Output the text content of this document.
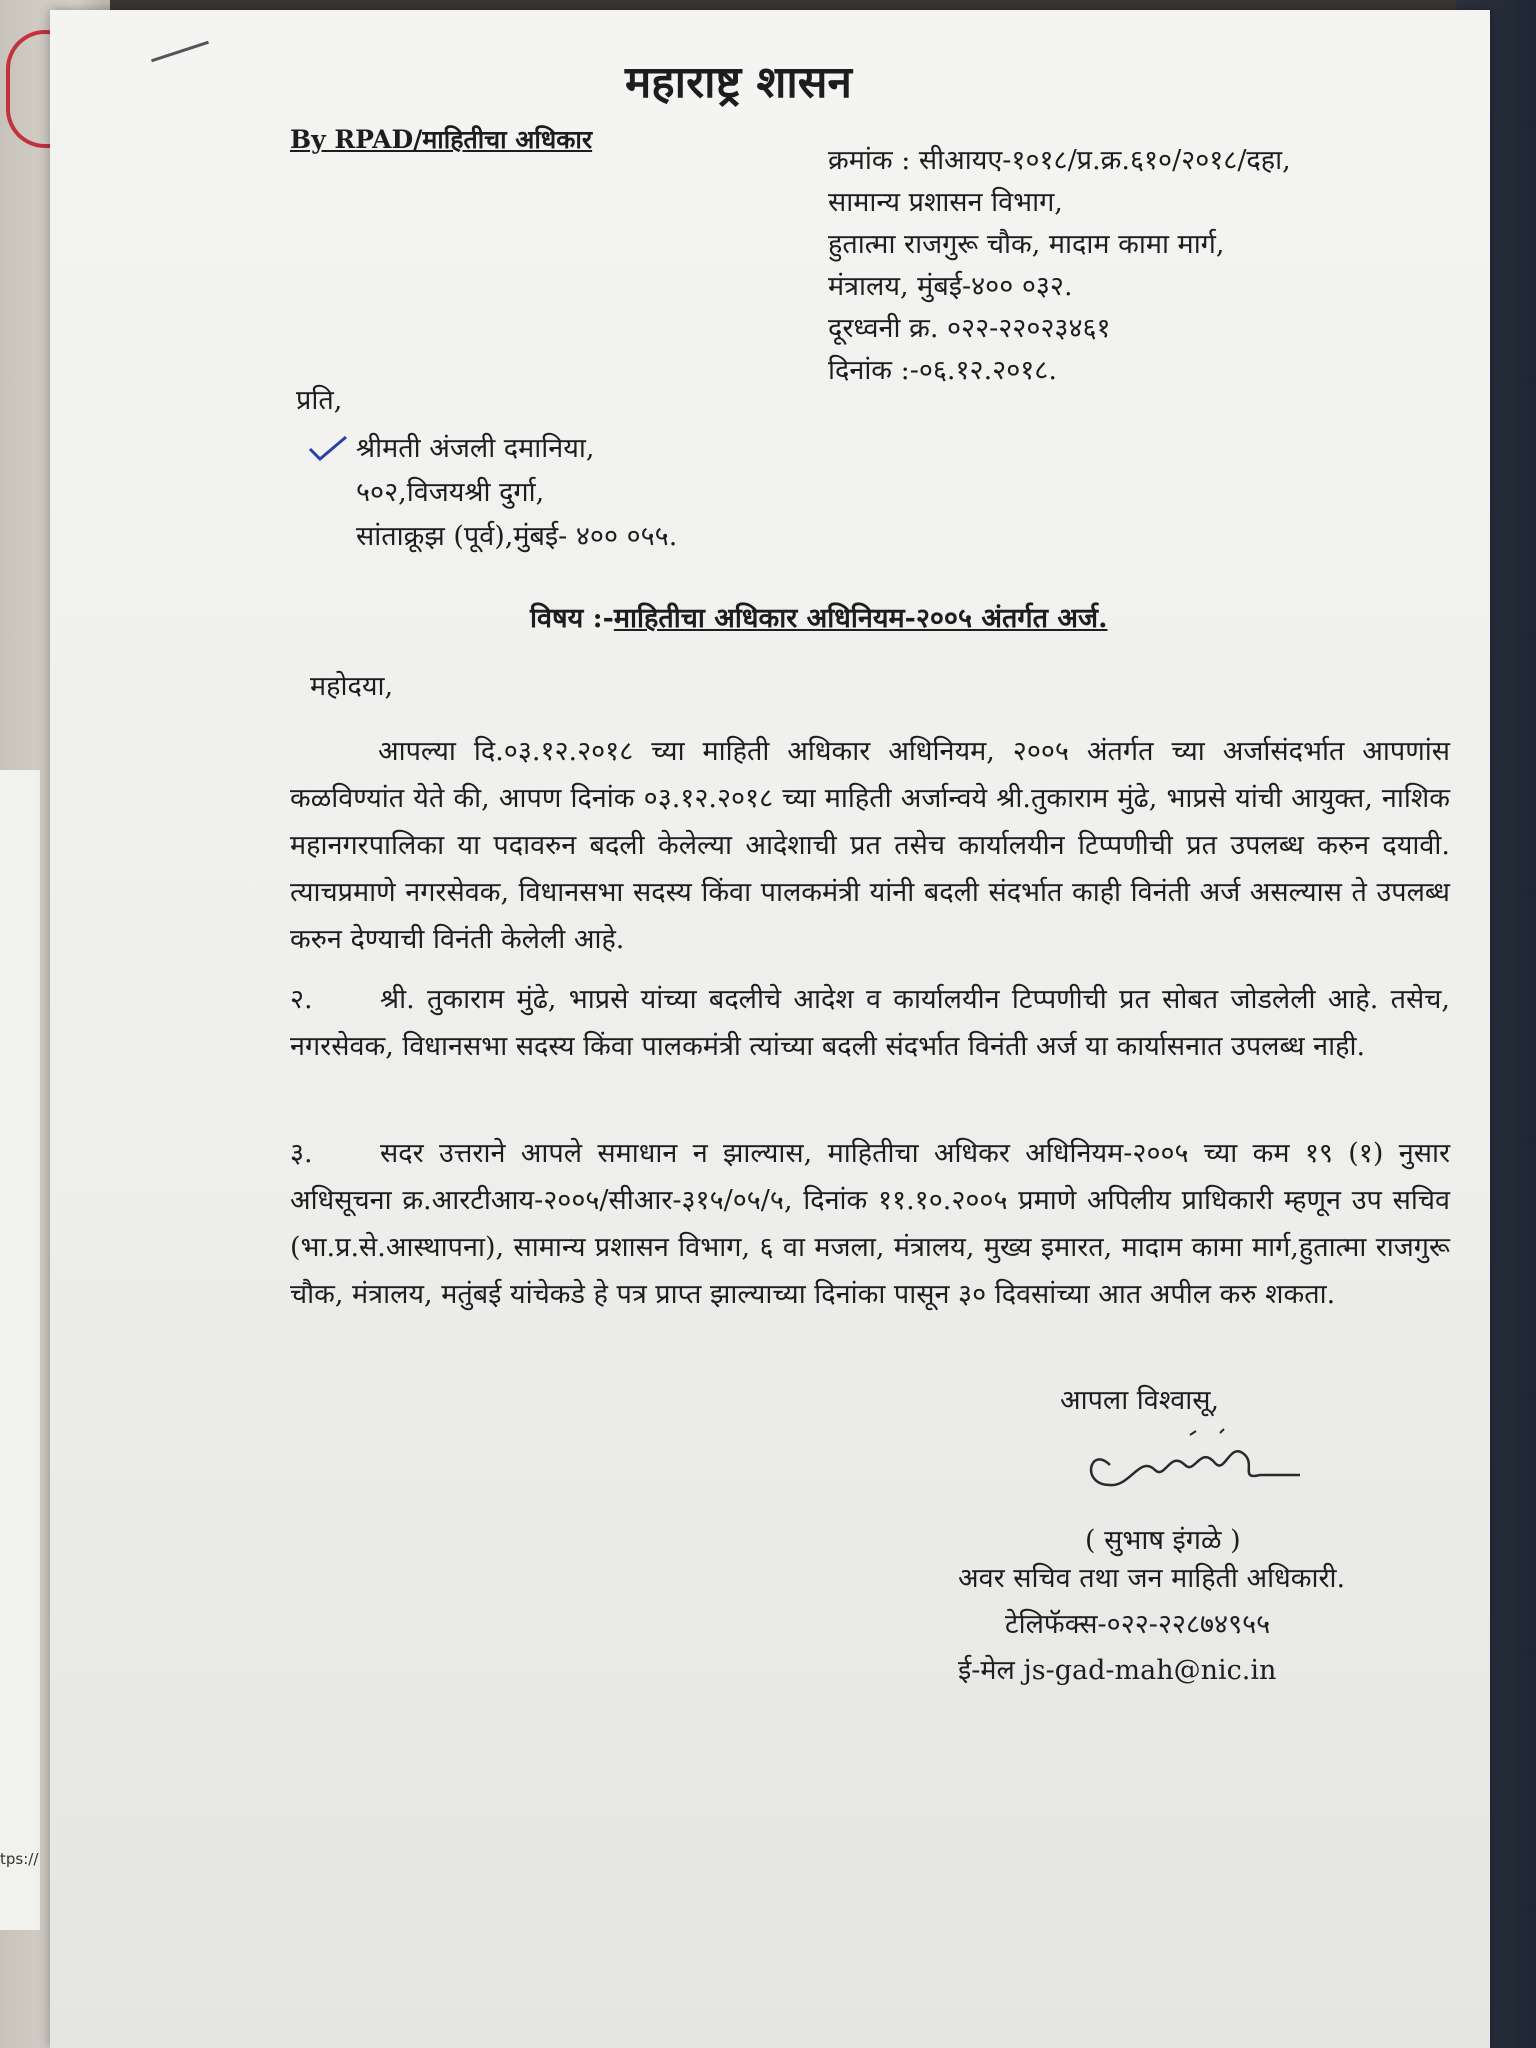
tps://
महाराष्ट्र शासन
By RPAD/माहितीचा अधिकार
क्रमांक : सीआयए-१०१८/प्र.क्र.६१०/२०१८/दहा,
सामान्य प्रशासन विभाग,
हुतात्मा राजगुरू चौक, मादाम कामा मार्ग,
मंत्रालय, मुंबई-४०० ०३२.
दूरध्वनी क्र. ०२२-२२०२३४६१
दिनांक :-०६.१२.२०१८.
प्रति,
श्रीमती अंजली दमानिया,
५०२,विजयश्री दुर्गा,
सांताक्रूझ (पूर्व),मुंबई- ४०० ०५५.
विषय :-माहितीचा अधिकार अधिनियम-२००५ अंतर्गत अर्ज.
महोदया,
आपल्या दि.०३.१२.२०१८ च्या माहिती अधिकार अधिनियम, २००५ अंतर्गत च्या अर्जासंदर्भात आपणांस कळविण्यांत येते की, आपण दिनांक ०३.१२.२०१८ च्या माहिती अर्जान्वये श्री.तुकाराम मुंढे, भाप्रसे यांची आयुक्त, नाशिक महानगरपालिका या पदावरुन बदली केलेल्या आदेशाची प्रत तसेच कार्यालयीन टिप्पणीची प्रत उपलब्ध करुन दयावी. त्याचप्रमाणे नगरसेवक, विधानसभा सदस्य किंवा पालकमंत्री यांनी बदली संदर्भात काही विनंती अर्ज असल्यास ते उपलब्ध करुन देण्याची विनंती केलेली आहे.
२. श्री. तुकाराम मुंढे, भाप्रसे यांच्या बदलीचे आदेश व कार्यालयीन टिप्पणीची प्रत सोबत जोडलेली आहे. तसेच, नगरसेवक, विधानसभा सदस्य किंवा पालकमंत्री त्यांच्या बदली संदर्भात विनंती अर्ज या कार्यासनात उपलब्ध नाही.
३. सदर उत्तराने आपले समाधान न झाल्यास, माहितीचा अधिकर अधिनियम-२००५ च्या कम १९ (१) नुसार अधिसूचना क्र.आरटीआय-२००५/सीआर-३१५/०५/५, दिनांक ११.१०.२००५ प्रमाणे अपिलीय प्राधिकारी म्हणून उप सचिव (भा.प्र.से.आस्थापना), सामान्य प्रशासन विभाग, ६ वा मजला, मंत्रालय, मुख्य इमारत, मादाम कामा मार्ग,हुतात्मा राजगुरू चौक, मंत्रालय, मतुंबई यांचेकडे हे पत्र प्राप्त झाल्याच्या दिनांका पासून ३० दिवसांच्या आत अपील करु शकता.
आपला विश्वासू,
( सुभाष इंगळे )
अवर सचिव तथा जन माहिती अधिकारी.
टेलिफॅक्स-०२२-२२८७४९५५
ई-मेल js-gad-mah@nic.in
